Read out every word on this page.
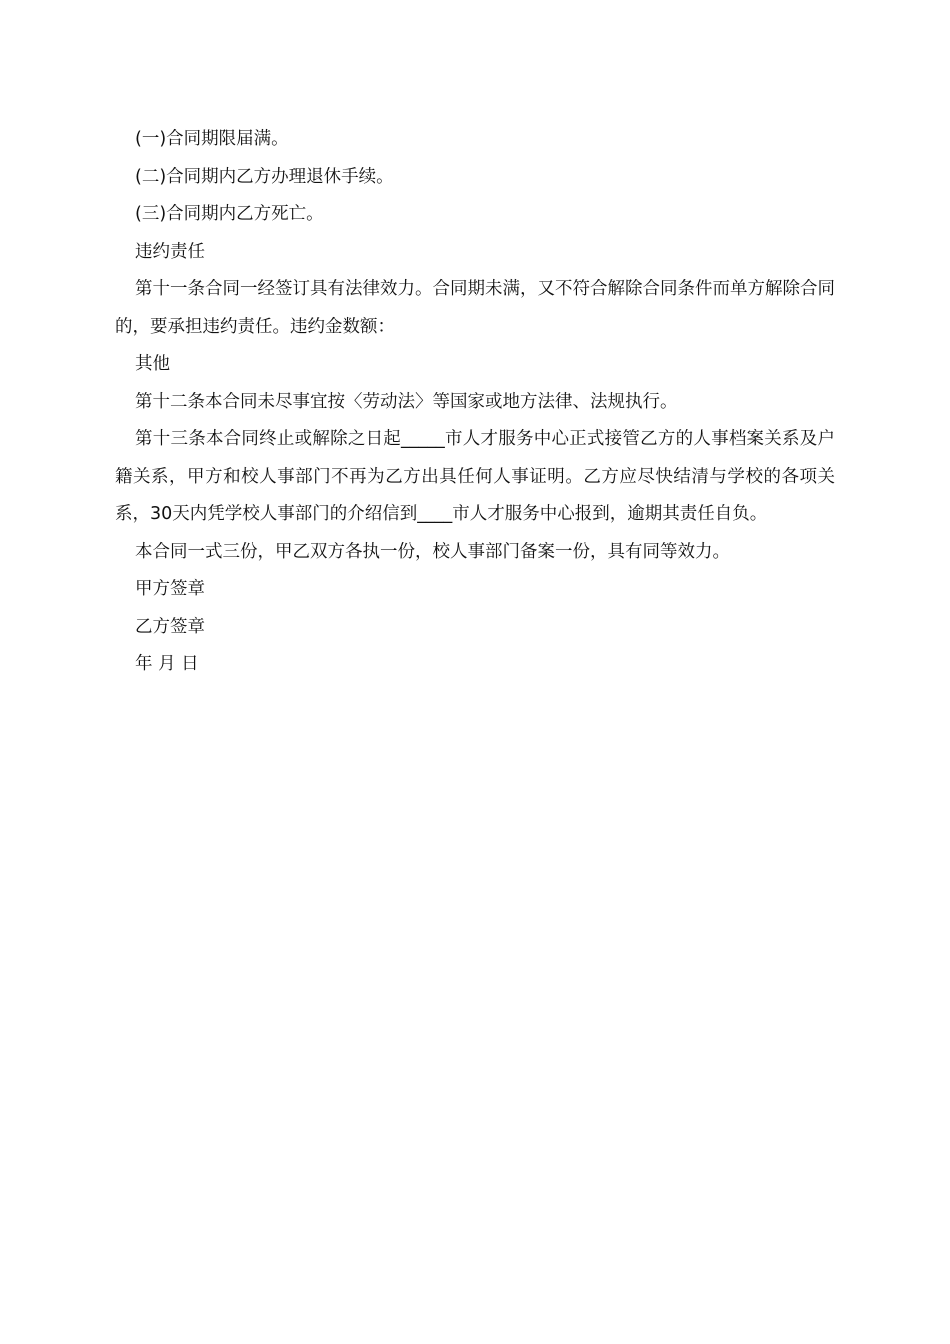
(一)合同期限届满。

(二)合同期内乙方办理退休手续。

(三)合同期内乙方死亡。

违约责任

第十一条合同一经签订具有法律效力。合同期未满，又不符合解除合同条件而单方解除合同的，要承担违约责任。违约金数额：

其他

第十二条本合同未尽事宜按〈劳动法〉等国家或地方法律、法规执行。

第十三条本合同终止或解除之日起_____市人才服务中心正式接管乙方的人事档案关系及户籍关系，甲方和校人事部门不再为乙方出具任何人事证明。乙方应尽快结清与学校的各项关系，30天内凭学校人事部门的介绍信到____市人才服务中心报到，逾期其责任自负。

本合同一式三份，甲乙双方各执一份，校人事部门备案一份，具有同等效力。

甲方签章

乙方签章

年 月 日
